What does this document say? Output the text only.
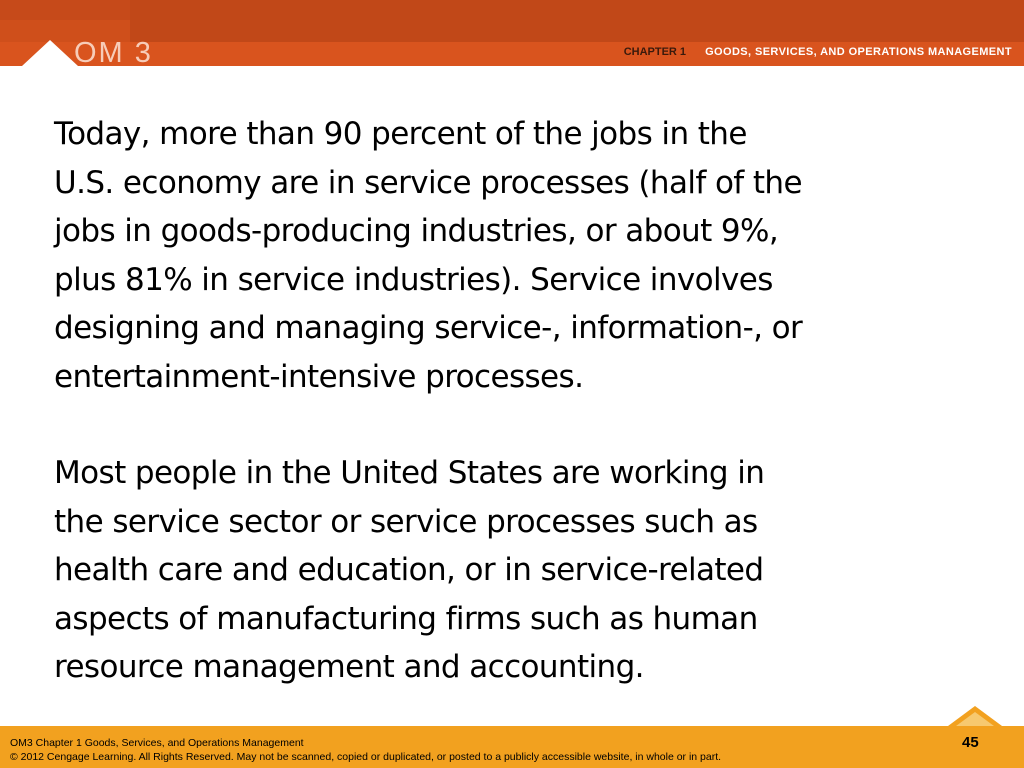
OM 3	CHAPTER 1 GOODS, SERVICES, AND OPERATIONS MANAGEMENT

Today, more than 90 percent of the jobs in the
U.S. economy are in service processes (half of the
jobs in goods-producing industries, or about 9%,
plus 81% in service industries). Service involves
designing and managing service-, information-, or
entertainment-intensive processes.

Most people in the United States are working in
the service sector or service processes such as
health care and education, or in service-related
aspects of manufacturing firms such as human
resource management and accounting.

OM3 Chapter 1 Goods, Services, and Operations Management
© 2012 Cengage Learning. All Rights Reserved. May not be scanned, copied or duplicated, or posted to a publicly accessible website, in whole or in part.
45
